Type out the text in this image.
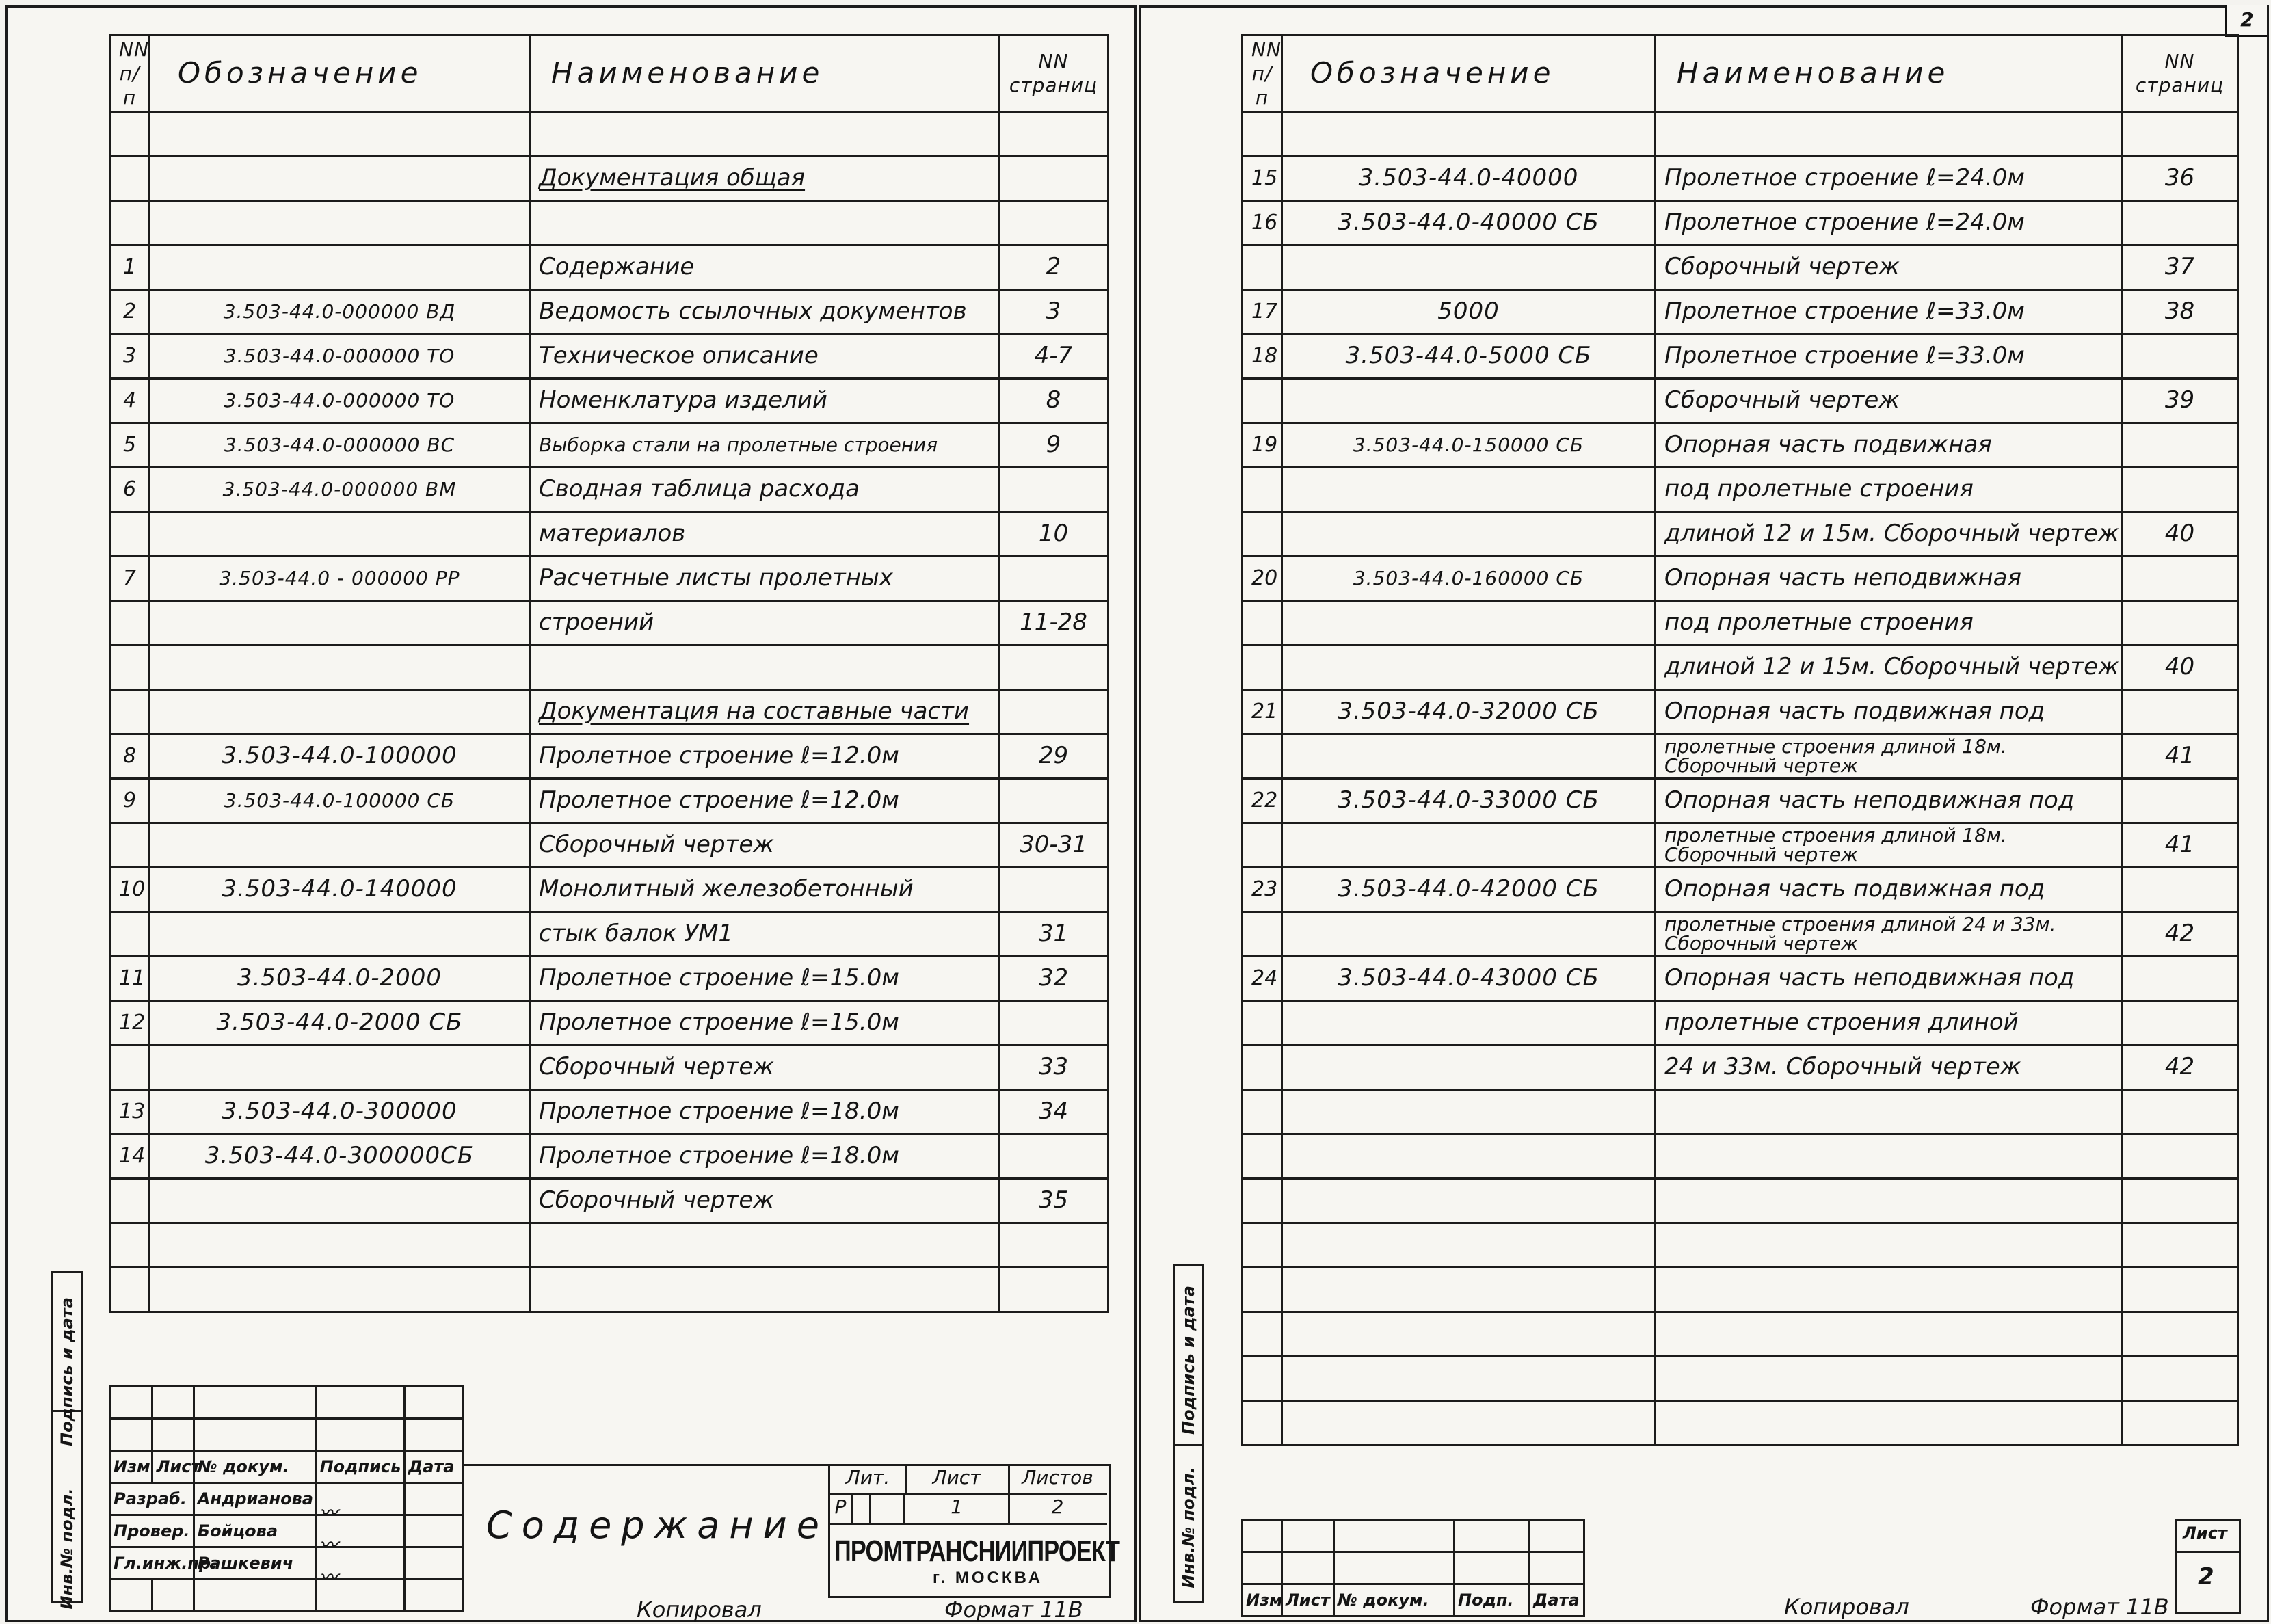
NN п/п	Обозначение	Наименование	NN страниц

		Документация общая	

1		Содержание	2
2	3.503-44.0-000000 ВД	Ведомость ссылочных документов	3
3	3.503-44.0-000000 ТО	Техническое описание	4-7
4	3.503-44.0-000000 ТО	Номенклатура изделий	8
5	3.503-44.0-000000 ВС	Выборка стали на пролетные строения	9
6	3.503-44.0-000000 ВМ	Сводная таблица расхода	
		материалов	10
7	3.503-44.0 - 000000 РР	Расчетные листы пролетных	
		строений	11-28

		Документация на составные части	
8	3.503-44.0-100000	Пролетное строение ℓ=12.0м	29
9	3.503-44.0-100000 СБ	Пролетное строение ℓ=12.0м	
		Сборочный чертеж	30-31
10	3.503-44.0-140000	Монолитный железобетонный	
		стык балок УМ1	31
11	3.503-44.0-2000	Пролетное строение ℓ=15.0м	32
12	3.503-44.0-2000 СБ	Пролетное строение ℓ=15.0м	
		Сборочный чертеж	33
13	3.503-44.0-300000	Пролетное строение ℓ=18.0м	34
14	3.503-44.0-300000СБ	Пролетное строение ℓ=18.0м	
		Сборочный чертеж	35

Инв.№ подл.
Подпись и дата

Изм	Лист	№ докум.	Подпись	Дата
Разраб.		Андрианова	〰	

Провер.		Бойцова	〰	

Гл.инж.пр.		Рашкевич	〰	

Содержание
Лит.	Лист	Листов
Р	1	2
ПРОМТРАНСНИИПРОЕКТ
г. МОСКВА
Копировал	Формат 11В
2
NN п/п	Обозначение	Наименование	NN страниц

15	3.503-44.0-40000	Пролетное строение ℓ=24.0м	36
16	3.503-44.0-40000 СБ	Пролетное строение ℓ=24.0м	
		Сборочный чертеж	37
17	5000	Пролетное строение ℓ=33.0м	38
18	3.503-44.0-5000 СБ	Пролетное строение ℓ=33.0м	
		Сборочный чертеж	39
19	3.503-44.0-150000 СБ	Опорная часть подвижная	
		под пролетные строения	
		длиной 12 и 15м. Сборочный чертеж	40
20	3.503-44.0-160000 СБ	Опорная часть неподвижная	
		под пролетные строения	
		длиной 12 и 15м. Сборочный чертеж	40
21	3.503-44.0-32000 СБ	Опорная часть подвижная под	
		пролетные строения длиной 18м. Сборочный чертеж	41
22	3.503-44.0-33000 СБ	Опорная часть неподвижная под	
		пролетные строения длиной 18м. Сборочный чертеж	41
23	3.503-44.0-42000 СБ	Опорная часть подвижная под	
		пролетные строения длиной 24 и 33м. Сборочный чертеж	42
24	3.503-44.0-43000 СБ	Опорная часть неподвижная под	
		пролетные строения длиной	
		24 и 33м. Сборочный чертеж	42

Инв.№ подл.
Подпись и дата

Изм	Лист	№ докум.	Подп.	Дата
Лист
2
Копировал	Формат 11В
